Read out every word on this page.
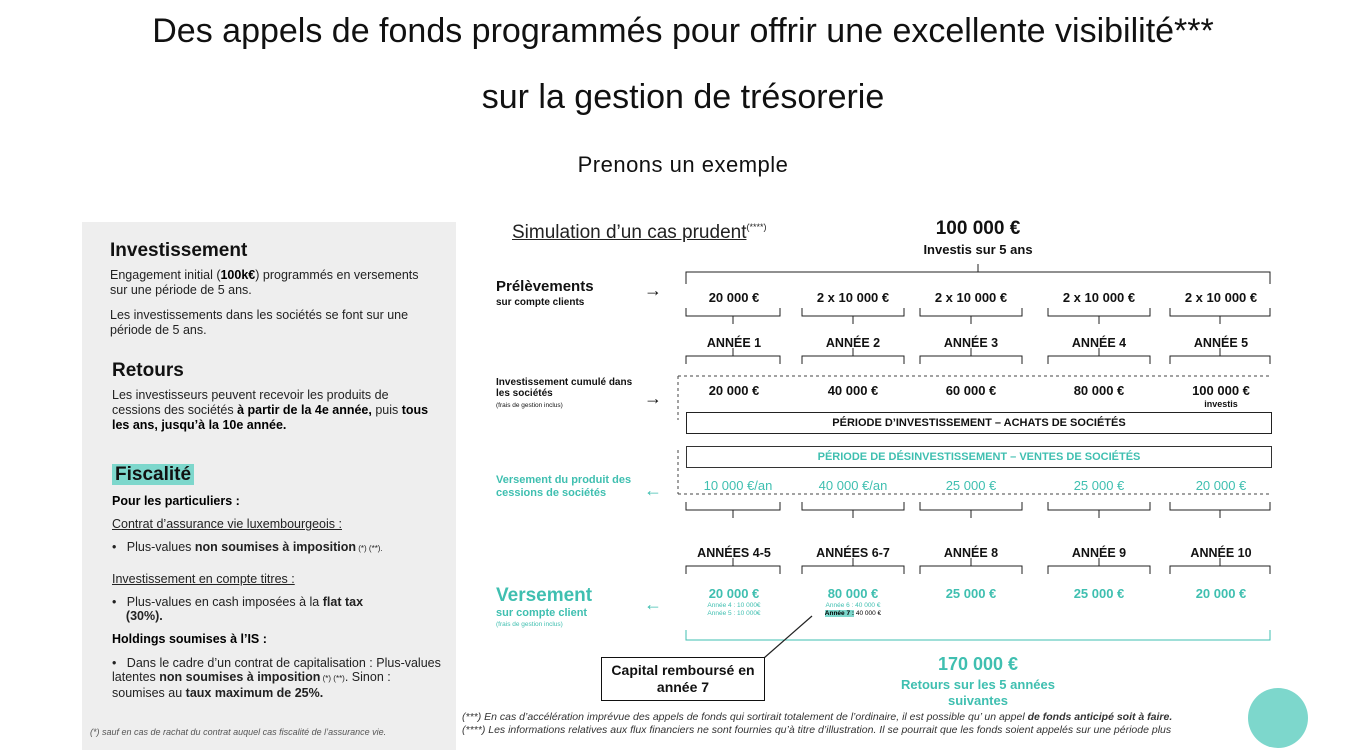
Des appels de fonds programmés pour offrir une excellente visibilité***
sur la gestion de trésorerie
Prenons un exemple
Investissement
Engagement initial (100k€) programmés en versements sur une période de 5 ans.
Les investissements dans les sociétés se font sur une période de 5 ans.
Retours
Les investisseurs peuvent recevoir les produits de cessions des sociétés à partir de la 4e année, puis tous les ans, jusqu’à la 10e année.
Fiscalité
Pour les particuliers :
Contrat d’assurance vie luxembourgeois :
•   Plus-values non soumises à imposition (*) (**).
Investissement en compte titres :
•   Plus-values en cash imposées à la flat tax
(30%).
Holdings soumises à l’IS :
•   Dans le cadre d’un contrat de capitalisation : Plus-values latentes non soumises à imposition (*) (**). Sinon : soumises au taux maximum de 25%.
(*) sauf en cas de rachat du contrat auquel cas fiscalité de l’assurance vie.
Simulation d’un cas prudent(****)	100 000 €
Investis sur 5 ans
Prélèvements
sur compte clients
→	20 000 €	2 x 10 000 €	2 x 10 000 €	2 x 10 000 €	2 x 10 000 €
ANNÉE 1	ANNÉE 2	ANNÉE 3	ANNÉE 4	ANNÉE 5
Investissement cumulé dans les sociétés
(frais de gestion inclus)	→	20 000 €	40 000 €	60 000 €	80 000 €	100 000 €
investis
PÉRIODE D’INVESTISSEMENT – ACHATS DE SOCIÉTÉS
PÉRIODE DE DÉSINVESTISSEMENT – VENTES DE SOCIÉTÉS
Versement du produit des cessions de sociétés	←	10 000 €/an	40 000 €/an	25 000 €	25 000 €	20 000 €
ANNÉES 4-5	ANNÉES 6-7	ANNÉE 8	ANNÉE 9	ANNÉE 10
Versement
sur compte client
(frais de gestion inclus)
←
20 000 €	80 000 €	25 000 €	25 000 €	20 000 €
Année 4 : 10 000€
Année 5 : 10 000€
Année 6 : 40 000 €
Année 7 : 40 000 €
Capital remboursé en année 7
170 000 €
Retours sur les 5 années suivantes
(***) En cas d’accélération imprévue des appels de fonds qui sortirait totalement de l’ordinaire, il est possible qu’ un appel de fonds anticipé soit à faire.
(****) Les informations relatives aux flux financiers ne sont fournies qu’à titre d’illustration. Il se pourrait que les fonds soient appelés sur une période plus
